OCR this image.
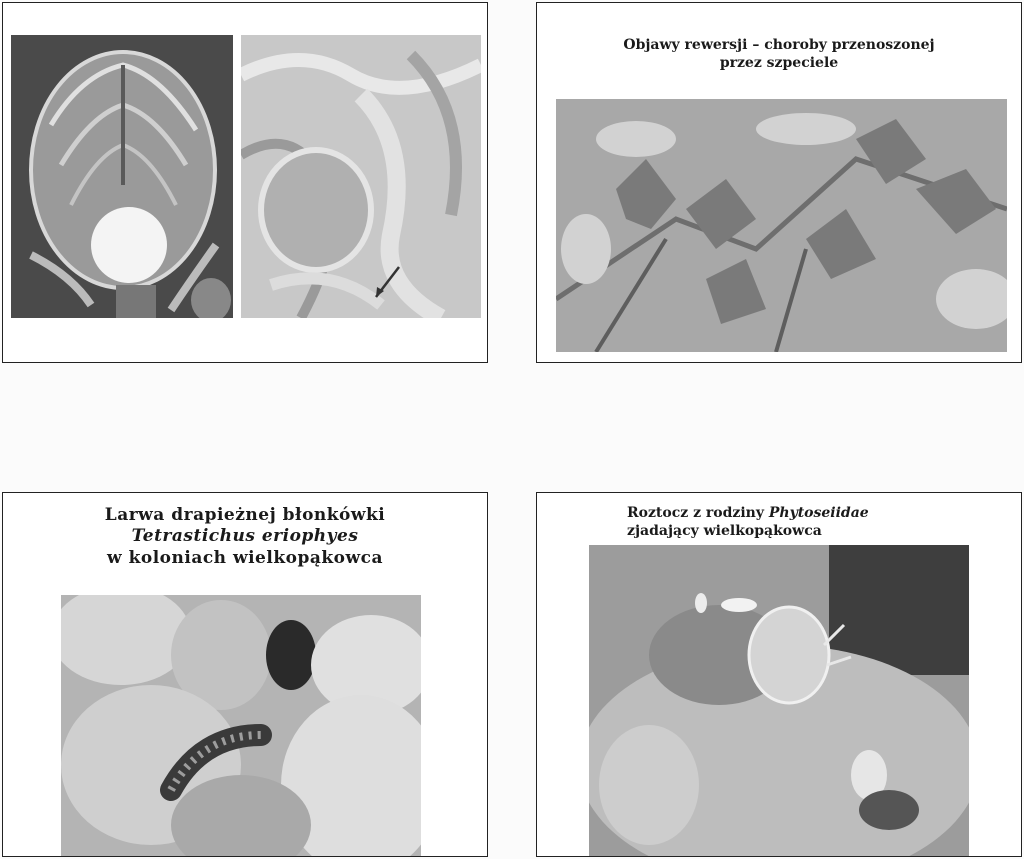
Objawy rewersji – choroby przenoszonej
przez szpeciele
Larwa drapieżnej błonkówki
Tetrastichus eriophyes
w koloniach wielkopąkowca
Roztocz z rodziny Phytoseiidae
zjadający wielkopąkowca
